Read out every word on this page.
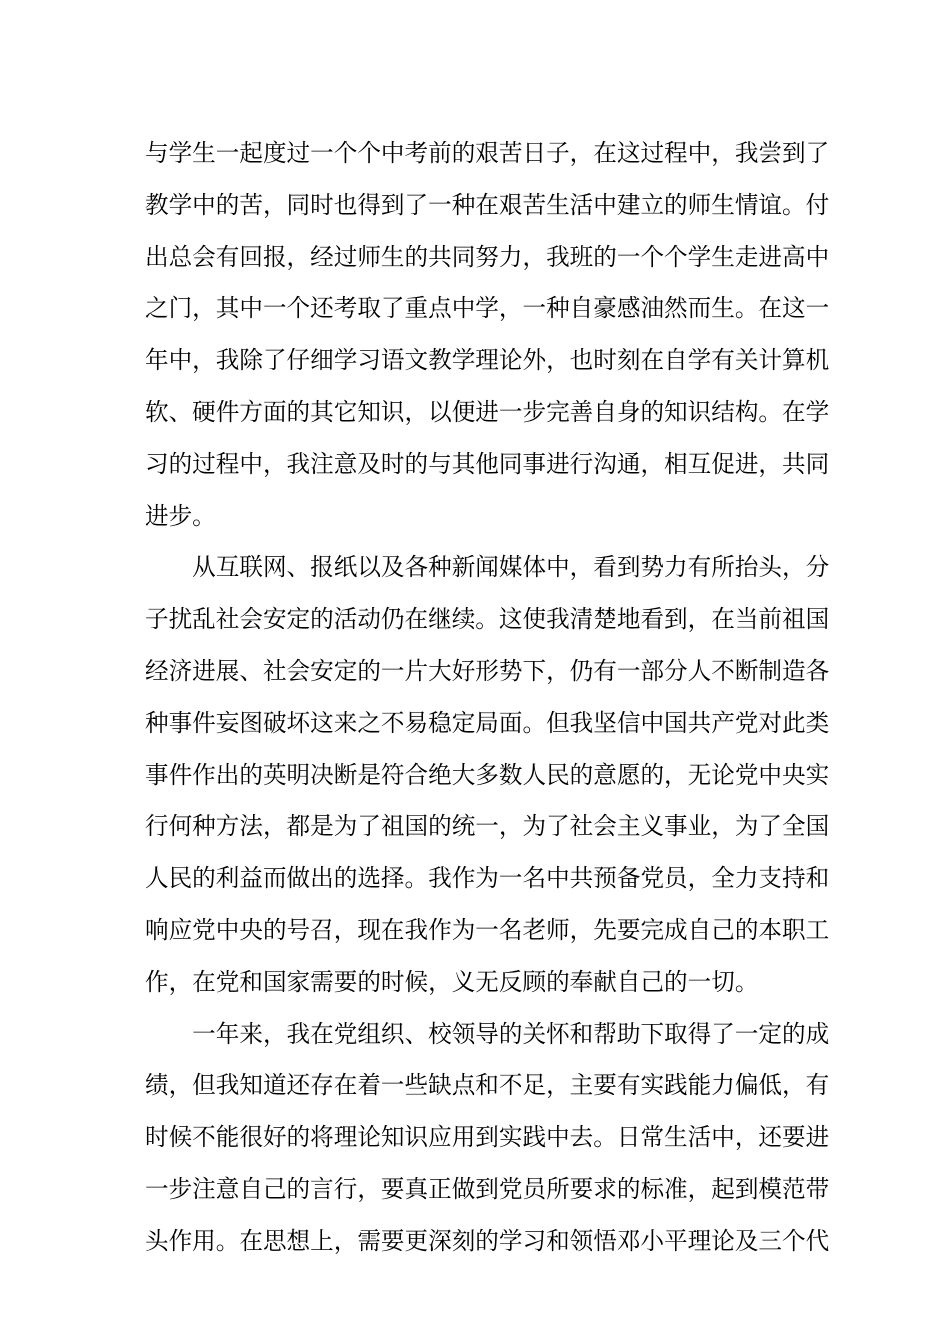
与学生一起度过一个个中考前的艰苦日子，在这过程中，我尝到了
教学中的苦，同时也得到了一种在艰苦生活中建立的师生情谊。付
出总会有回报，经过师生的共同努力，我班的一个个学生走进高中
之门，其中一个还考取了重点中学，一种自豪感油然而生。在这一
年中，我除了仔细学习语文教学理论外，也时刻在自学有关计算机
软、硬件方面的其它知识，以便进一步完善自身的知识结构。在学
习的过程中，我注意及时的与其他同事进行沟通，相互促进，共同
进步。
　　从互联网、报纸以及各种新闻媒体中，看到势力有所抬头，分
子扰乱社会安定的活动仍在继续。这使我清楚地看到，在当前祖国
经济进展、社会安定的一片大好形势下，仍有一部分人不断制造各
种事件妄图破坏这来之不易稳定局面。但我坚信中国共产党对此类
事件作出的英明决断是符合绝大多数人民的意愿的，无论党中央实
行何种方法，都是为了祖国的统一，为了社会主义事业，为了全国
人民的利益而做出的选择。我作为一名中共预备党员，全力支持和
响应党中央的号召，现在我作为一名老师，先要完成自己的本职工
作，在党和国家需要的时候，义无反顾的奉献自己的一切。
　　一年来，我在党组织、校领导的关怀和帮助下取得了一定的成
绩，但我知道还存在着一些缺点和不足，主要有实践能力偏低，有
时候不能很好的将理论知识应用到实践中去。日常生活中，还要进
一步注意自己的言行，要真正做到党员所要求的标准，起到模范带
头作用。在思想上，需要更深刻的学习和领悟邓小平理论及三个代
